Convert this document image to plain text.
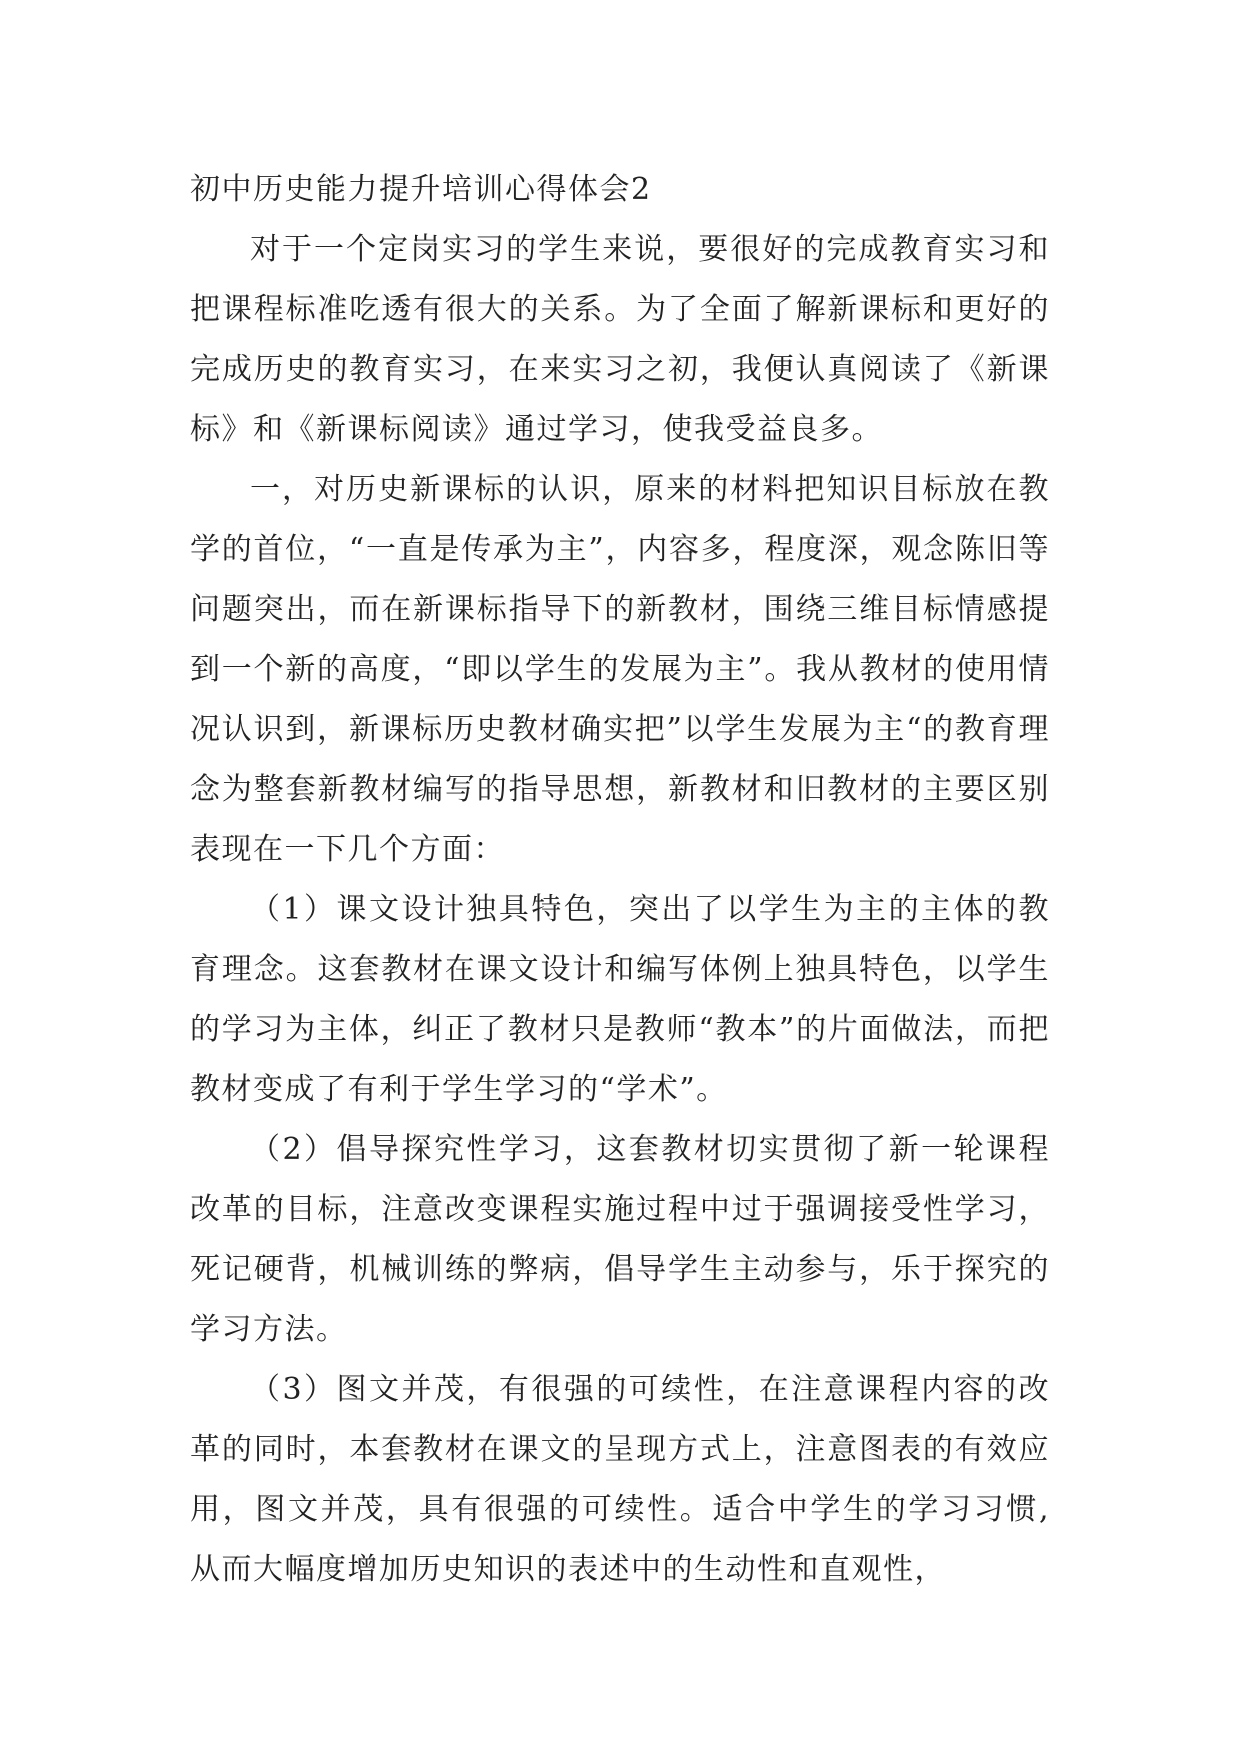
初中历史能力提升培训心得体会2

对于一个定岗实习的学生来说，要很好的完成教育实习和把课程标准吃透有很大的关系。为了全面了解新课标和更好的完成历史的教育实习，在来实习之初，我便认真阅读了《新课标》和《新课标阅读》通过学习，使我受益良多。

一，对历史新课标的认识，原来的材料把知识目标放在教学的首位，“一直是传承为主”，内容多，程度深，观念陈旧等问题突出，而在新课标指导下的新教材，围绕三维目标情感提到一个新的高度，“即以学生的发展为主”。我从教材的使用情况认识到，新课标历史教材确实把”以学生发展为主“的教育理念为整套新教材编写的指导思想，新教材和旧教材的主要区别表现在一下几个方面：

（1）课文设计独具特色，突出了以学生为主的主体的教育理念。这套教材在课文设计和编写体例上独具特色，以学生的学习为主体，纠正了教材只是教师“教本”的片面做法，而把教材变成了有利于学生学习的“学术”。

（2）倡导探究性学习，这套教材切实贯彻了新一轮课程改革的目标，注意改变课程实施过程中过于强调接受性学习，死记硬背，机械训练的弊病，倡导学生主动参与，乐于探究的学习方法。

（3）图文并茂，有很强的可续性，在注意课程内容的改革的同时，本套教材在课文的呈现方式上，注意图表的有效应用，图文并茂，具有很强的可续性。适合中学生的学习习惯,从而大幅度增加历史知识的表述中的生动性和直观性，
